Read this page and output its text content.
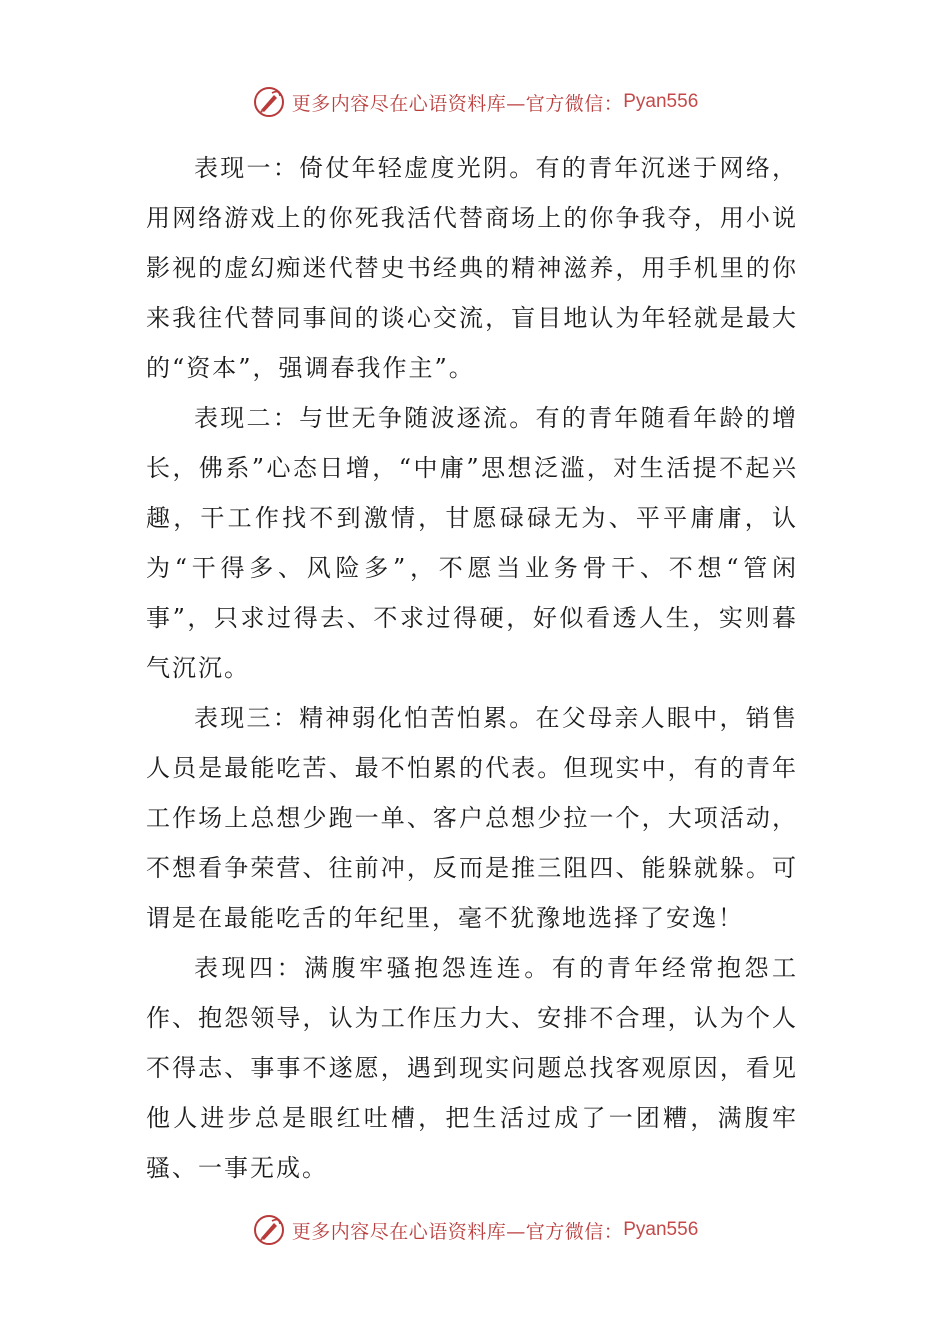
更多内容尽在心语资料库—官方微信： Pyan556

表现一：倚仗年轻虚度光阴。有的青年沉迷于网络，用网络游戏上的你死我活代替商场上的你争我夺，用小说影视的虚幻痴迷代替史书经典的精神滋养，用手机里的你来我往代替同事间的谈心交流，盲目地认为年轻就是最大的“资本”，强调春我作主”。

表现二：与世无争随波逐流。有的青年随看年龄的增长，佛系”心态日增，“中庸”思想泛滥，对生活提不起兴趣，干工作找不到激情，甘愿碌碌无为、平平庸庸，认为“干得多、风险多”，不愿当业务骨干、不想“管闲事”，只求过得去、不求过得硬，好似看透人生，实则暮气沉沉。

表现三：精神弱化怕苦怕累。在父母亲人眼中，销售人员是最能吃苦、最不怕累的代表。但现实中，有的青年工作场上总想少跑一单、客户总想少拉一个，大项活动，不想看争荣营、往前冲，反而是推三阻四、能躲就躲。可谓是在最能吃舌的年纪里，毫不犹豫地选择了安逸！

表现四：满腹牢骚抱怨连连。有的青年经常抱怨工作、抱怨领导，认为工作压力大、安排不合理，认为个人不得志、事事不遂愿，遇到现实问题总找客观原因，看见他人进步总是眼红吐槽，把生活过成了一团糟，满腹牢骚、一事无成。

更多内容尽在心语资料库—官方微信： Pyan556
